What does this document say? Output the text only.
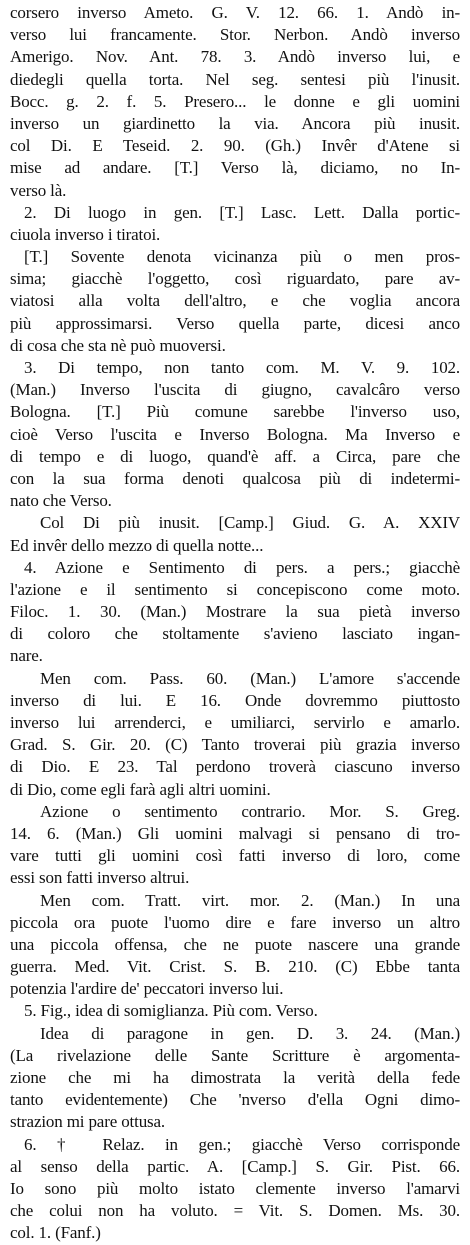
corsero inverso Ameto. G. V. 12. 66. 1. Andò in-
verso lui francamente. Stor. Nerbon. Andò inverso
Amerigo. Nov. Ant. 78. 3. Andò inverso lui, e
diedegli quella torta. Nel seg. sentesi più l'inusit.
Bocc. g. 2. f. 5. Presero... le donne e gli uomini
inverso un giardinetto la via. Ancora più inusit.
col Di. E Teseid. 2. 90. (Gh.) Invêr d'Atene si
mise ad andare. [T.] Verso là, diciamo, no In-
verso là.
2. Di luogo in gen. [T.] Lasc. Lett. Dalla portic-
ciuola inverso i tiratoi.
[T.] Sovente denota vicinanza più o men pros-
sima; giacchè l'oggetto, così riguardato, pare av-
viatosi alla volta dell'altro, e che voglia ancora
più approssimarsi. Verso quella parte, dicesi anco
di cosa che sta nè può muoversi.
3. Di tempo, non tanto com. M. V. 9. 102.
(Man.) Inverso l'uscita di giugno, cavalcâro verso
Bologna. [T.] Più comune sarebbe l'inverso uso,
cioè Verso l'uscita e Inverso Bologna. Ma Inverso e
di tempo e di luogo, quand'è aff. a Circa, pare che
con la sua forma denoti qualcosa più di indetermi-
nato che Verso.
Col Di più inusit. [Camp.] Giud. G. A. XXIV
Ed invêr dello mezzo di quella notte...
4. Azione e Sentimento di pers. a pers.; giacchè
l'azione e il sentimento si concepiscono come moto.
Filoc. 1. 30. (Man.) Mostrare la sua pietà inverso
di coloro che stoltamente s'avieno lasciato ingan-
nare.
Men com. Pass. 60. (Man.) L'amore s'accende
inverso di lui. E 16. Onde dovremmo piuttosto
inverso lui arrenderci, e umiliarci, servirlo e amarlo.
Grad. S. Gir. 20. (C) Tanto troverai più grazia inverso
di Dio. E 23. Tal perdono troverà ciascuno inverso
di Dio, come egli farà agli altri uomini.
Azione o sentimento contrario. Mor. S. Greg.
14. 6. (Man.) Gli uomini malvagi si pensano di tro-
vare tutti gli uomini così fatti inverso di loro, come
essi son fatti inverso altrui.
Men com. Tratt. virt. mor. 2. (Man.) In una
piccola ora puote l'uomo dire e fare inverso un altro
una piccola offensa, che ne puote nascere una grande
guerra. Med. Vit. Crist. S. B. 210. (C) Ebbe tanta
potenzia l'ardire de' peccatori inverso lui.
5. Fig., idea di somiglianza. Più com. Verso.
Idea di paragone in gen. D. 3. 24. (Man.)
(La rivelazione delle Sante Scritture è argomenta-
zione che mi ha dimostrata la verità della fede
tanto evidentemente) Che 'nverso d'ella Ogni dimo-
strazion mi pare ottusa.
6. † Relaz. in gen.; giacchè Verso corrisponde
al senso della partic. A. [Camp.] S. Gir. Pist. 66.
Io sono più molto istato clemente inverso l'amarvi
che colui non ha voluto. = Vit. S. Domen. Ms. 30.
col. 1. (Fanf.)
